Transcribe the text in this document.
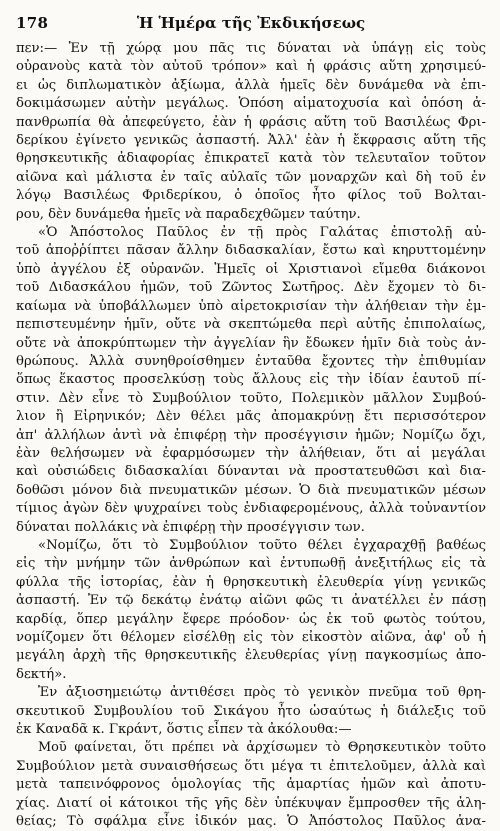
178	Ἡ Ἡμέρα τῆς Ἐκδικήσεως
πεν:— Ἐν τῇ χώρᾳ μου πᾶς τις δύναται νὰ ὑπάγῃ εἰς τοὺς
οὐρανοὺς κατὰ τὸν αὐτοῦ τρόπον» καὶ ἡ φράσις αὕτη χρησιμεύ-
ει ὡς διπλωματικὸν ἀξίωμα, ἀλλὰ ἡμεῖς δὲν δυνάμεθα νὰ ἐπι-
δοκιμάσωμεν αὐτὴν μεγάλως. Ὁπόση αἱματοχυσία καὶ ὁπόση ἀ-
πανθρωπία θὰ ἀπεφεύγετο, ἐὰν ἡ φράσις αὕτη τοῦ Βασιλέως Φρι-
δερίκου ἐγίνετο γενικῶς ἀσπαστή. Ἀλλ' ἐὰν ἡ ἔκφρασις αὕτη τῆς
θρησκευτικῆς ἀδιαφορίας ἐπικρατεῖ κατὰ τὸν τελευταῖον τοῦτον
αἰῶνα καὶ μάλιστα ἐν ταῖς αὐλαῖς τῶν μοναρχῶν καὶ δὴ τοῦ ἐν
λόγῳ Βασιλέως Φριδερίκου, ὁ ὁποῖος ἦτο φίλος τοῦ Βολται-
ρου, δὲν δυνάμεθα ἡμεῖς νὰ παραδεχθῶμεν ταύτην.
«Ὁ Ἀπόστολος Παῦλος ἐν τῇ πρὸς Γαλάτας ἐπιστολῇ αὐ-
τοῦ ἀποῤῥίπτει πᾶσαν ἄλλην διδασκαλίαν, ἔστω καὶ κηρυττομένην
ὑπὸ ἀγγέλου ἐξ οὐρανῶν. Ἡμεῖς οἱ Χριστιανοὶ εἴμεθα διάκονοι
τοῦ Διδασκάλου ἡμῶν, τοῦ Ζῶντος Σωτῆρος. Δὲν ἔχομεν τὸ δι-
καίωμα νὰ ὑποβάλλωμεν ὑπὸ αἱρετοκρισίαν τὴν ἀλήθειαν τὴν ἐμ-
πεπιστευμένην ἡμῖν, οὔτε νὰ σκεπτώμεθα περὶ αὐτῆς ἐπιπολαίως,
οὔτε νὰ ἀποκρύπτωμεν τὴν ἀγγελίαν ἣν ἔδωκεν ἡμῖν διὰ τοὺς ἀν-
θρώπους. Ἀλλὰ συνηθροίσθημεν ἐνταῦθα ἔχοντες τὴν ἐπιθυμίαν
ὅπως ἕκαστος προσελκύσῃ τοὺς ἄλλους εἰς τὴν ἰδίαν ἑαυτοῦ πί-
στιν. Δὲν εἶνε τὸ Συμβούλιον τοῦτο, Πολεμικὸν μᾶλλον Συμβού-
λιον ἢ Εἰρηνικόν; Δὲν θέλει μᾶς ἀπομακρύνῃ ἔτι περισσότερον
ἀπ' ἀλλήλων ἀντὶ νὰ ἐπιφέρῃ τὴν προσέγγισιν ἡμῶν; Νομίζω ὄχι,
ἐὰν θελήσωμεν νὰ ἐφαρμόσωμεν τὴν ἀλήθειαν, ὅτι αἱ μεγάλαι
καὶ οὐσιώδεις διδασκαλίαι δύνανται νὰ προστατευθῶσι καὶ δια-
δοθῶσι μόνον διὰ πνευματικῶν μέσων. Ὁ διὰ πνευματικῶν μέσων
τίμιος ἀγὼν δὲν ψυχραίνει τοὺς ἐνδιαφερομένους, ἀλλὰ τοὐναντίον
δύναται πολλάκις νὰ ἐπιφέρῃ τὴν προσέγγισιν των.
«Νομίζω, ὅτι τὸ Συμβούλιον τοῦτο θέλει ἐγχαραχθῇ βαθέως
εἰς τὴν μνήμην τῶν ἀνθρώπων καὶ ἐντυπωθῇ ἀνεξιτήλως εἰς τὰ
φύλλα τῆς ἱστορίας, ἐὰν ἡ θρησκευτικὴ ἐλευθερία γίνῃ γενικῶς
ἀσπαστή. Ἐν τῷ δεκάτῳ ἐνάτῳ αἰῶνι φῶς τι ἀνατέλλει ἐν πάσῃ
καρδίᾳ, ὅπερ μεγάλην ἔφερε πρόοδον· ὡς ἐκ τοῦ φωτὸς τούτου,
νομίζομεν ὅτι θέλομεν εἰσέλθῃ εἰς τὸν εἰκοστὸν αἰῶνα, ἀφ' οὗ ἡ
μεγάλη ἀρχὴ τῆς θρησκευτικῆς ἐλευθερίας γίνῃ παγκοσμίως ἀπο-
δεκτή».
Ἐν ἀξιοσημειώτῳ ἀντιθέσει πρὸς τὸ γενικὸν πνεῦμα τοῦ θρη-
σκευτικοῦ Συμβουλίου τοῦ Σικάγου ἦτο ὡσαύτως ἡ διάλεξις τοῦ
ἐκ Καναδᾶ κ. Γκράντ, ὅστις εἶπεν τὰ ἀκόλουθα:—
Μοῦ φαίνεται, ὅτι πρέπει νὰ ἀρχίσωμεν τὸ Θρησκευτικὸν τοῦτο
Συμβούλιον μετὰ συναισθήσεως ὅτι μέγα τι ἐπιτελοῦμεν, ἀλλὰ καὶ
μετὰ ταπεινόφρονος ὁμολογίας τῆς ἁμαρτίας ἡμῶν καὶ ἀποτυ-
χίας. Διατί οἱ κάτοικοι τῆς γῆς δὲν ὑπέκυψαν ἔμπροσθεν τῆς ἀλη-
θείας; Τὸ σφάλμα εἶνε ἰδικόν μας. Ὁ Ἀπόστολος Παῦλος ἀνα-
